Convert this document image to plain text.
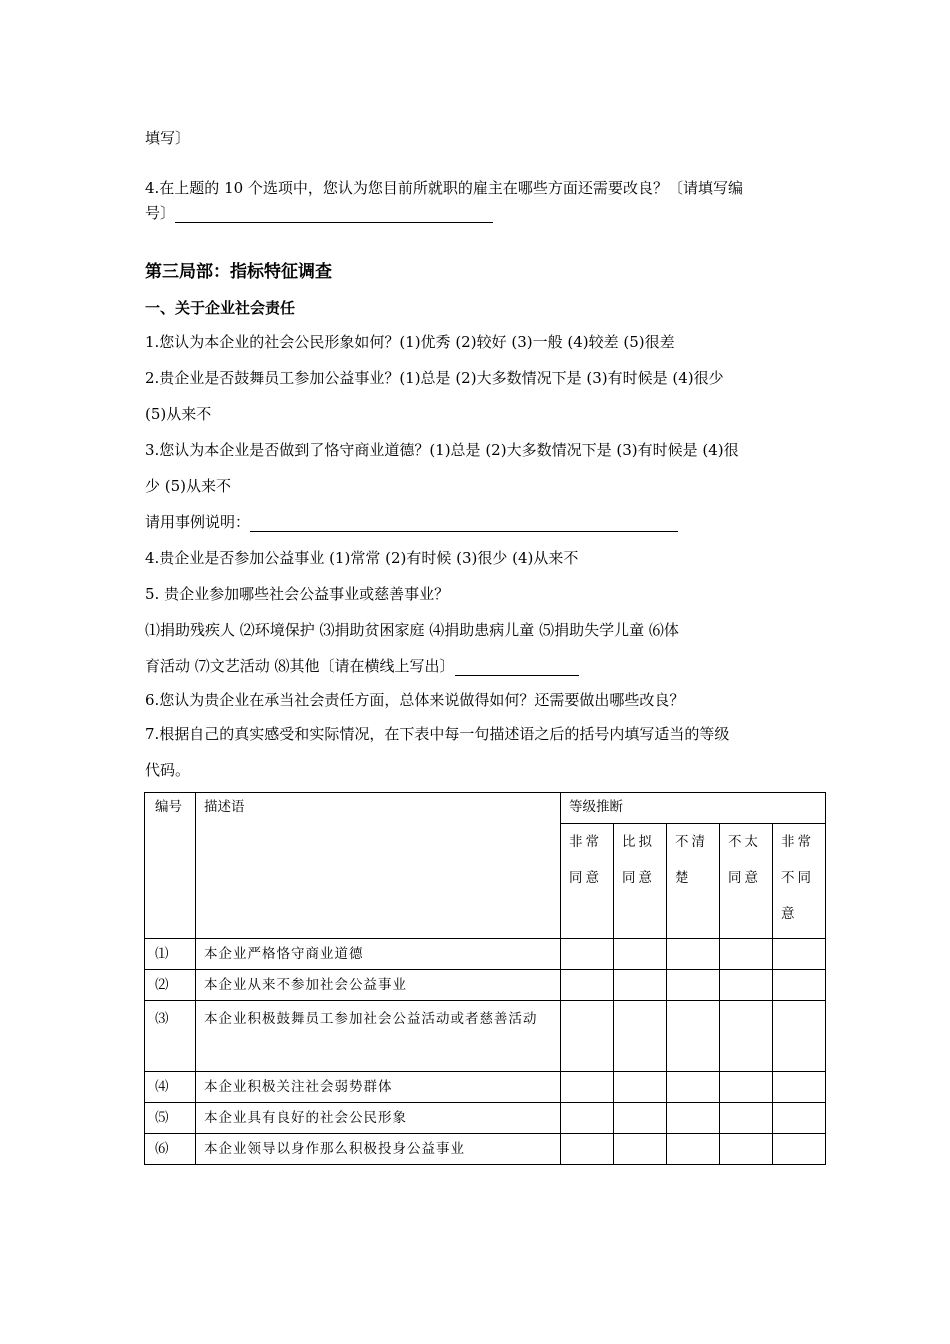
填写〕
4.在上题的 10 个选项中，您认为您目前所就职的雇主在哪些方面还需要改良？〔请填写编
号〕
第三局部：指标特征调查
一、关于企业社会责任
1.您认为本企业的社会公民形象如何？(1)优秀 (2)较好 (3)一般 (4)较差 (5)很差
2.贵企业是否鼓舞员工参加公益事业？(1)总是 (2)大多数情况下是 (3)有时候是 (4)很少
(5)从来不
3.您认为本企业是否做到了恪守商业道德？(1)总是 (2)大多数情况下是 (3)有时候是 (4)很
少 (5)从来不
请用事例说明：
4.贵企业是否参加公益事业 (1)常常 (2)有时候 (3)很少 (4)从来不
5. 贵企业参加哪些社会公益事业或慈善事业？
⑴捐助残疾人 ⑵环境保护 ⑶捐助贫困家庭 ⑷捐助患病儿童 ⑸捐助失学儿童 ⑹体
育活动 ⑺文艺活动 ⑻其他〔请在横线上写出〕
6.您认为贵企业在承当社会责任方面，总体来说做得如何？还需要做出哪些改良？
7.根据自己的真实感受和实际情况，在下表中每一句描述语之后的括号内填写适当的等级
代码。
编号	描述语	等级推断				
		非常同意	比拟同意	不清楚	不太同意	非常不同意
⑴	本企业严格恪守商业道德					
⑵	本企业从来不参加社会公益事业					
⑶	本企业积极鼓舞员工参加社会公益活动或者慈善活动					
⑷	本企业积极关注社会弱势群体					
⑸	本企业具有良好的社会公民形象					
⑹	本企业领导以身作那么积极投身公益事业					
